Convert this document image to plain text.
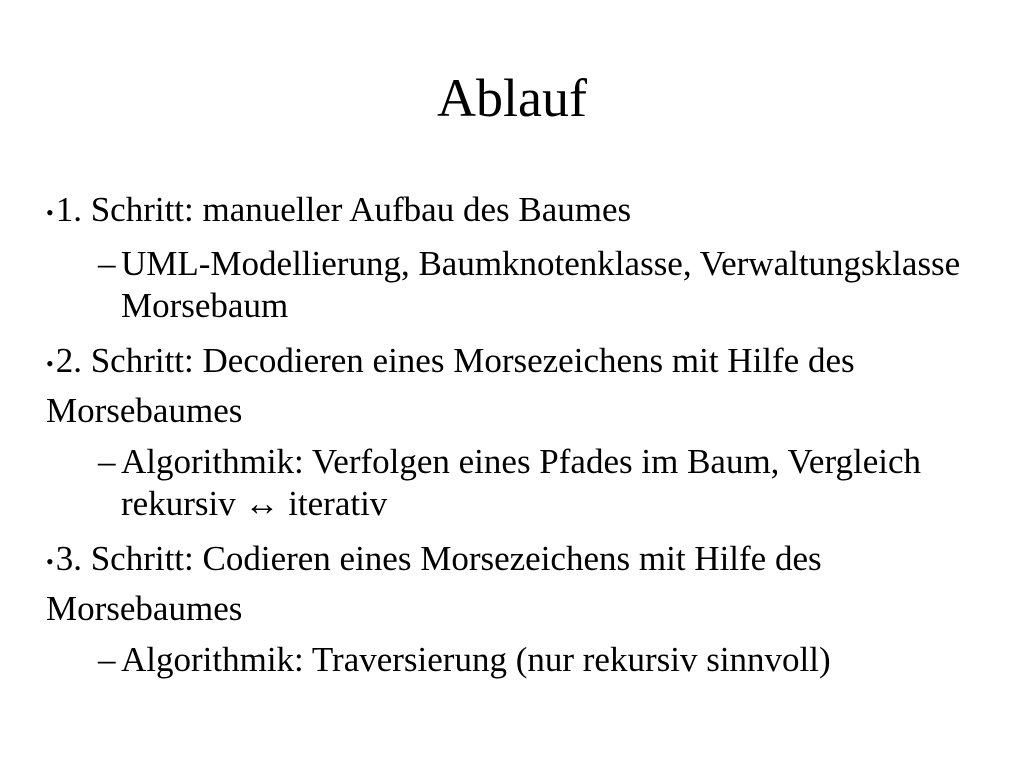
Ablauf
•1. Schritt: manueller Aufbau des Baumes
– UML-Modellierung, Baumknotenklasse, Verwaltungsklasse Morsebaum
•2. Schritt: Decodieren eines Morsezeichens mit Hilfe des Morsebaumes
– Algorithmik: Verfolgen eines Pfades im Baum, Vergleich rekursiv ↔ iterativ
•3. Schritt: Codieren eines Morsezeichens mit Hilfe des Morsebaumes
– Algorithmik: Traversierung (nur rekursiv sinnvoll)
